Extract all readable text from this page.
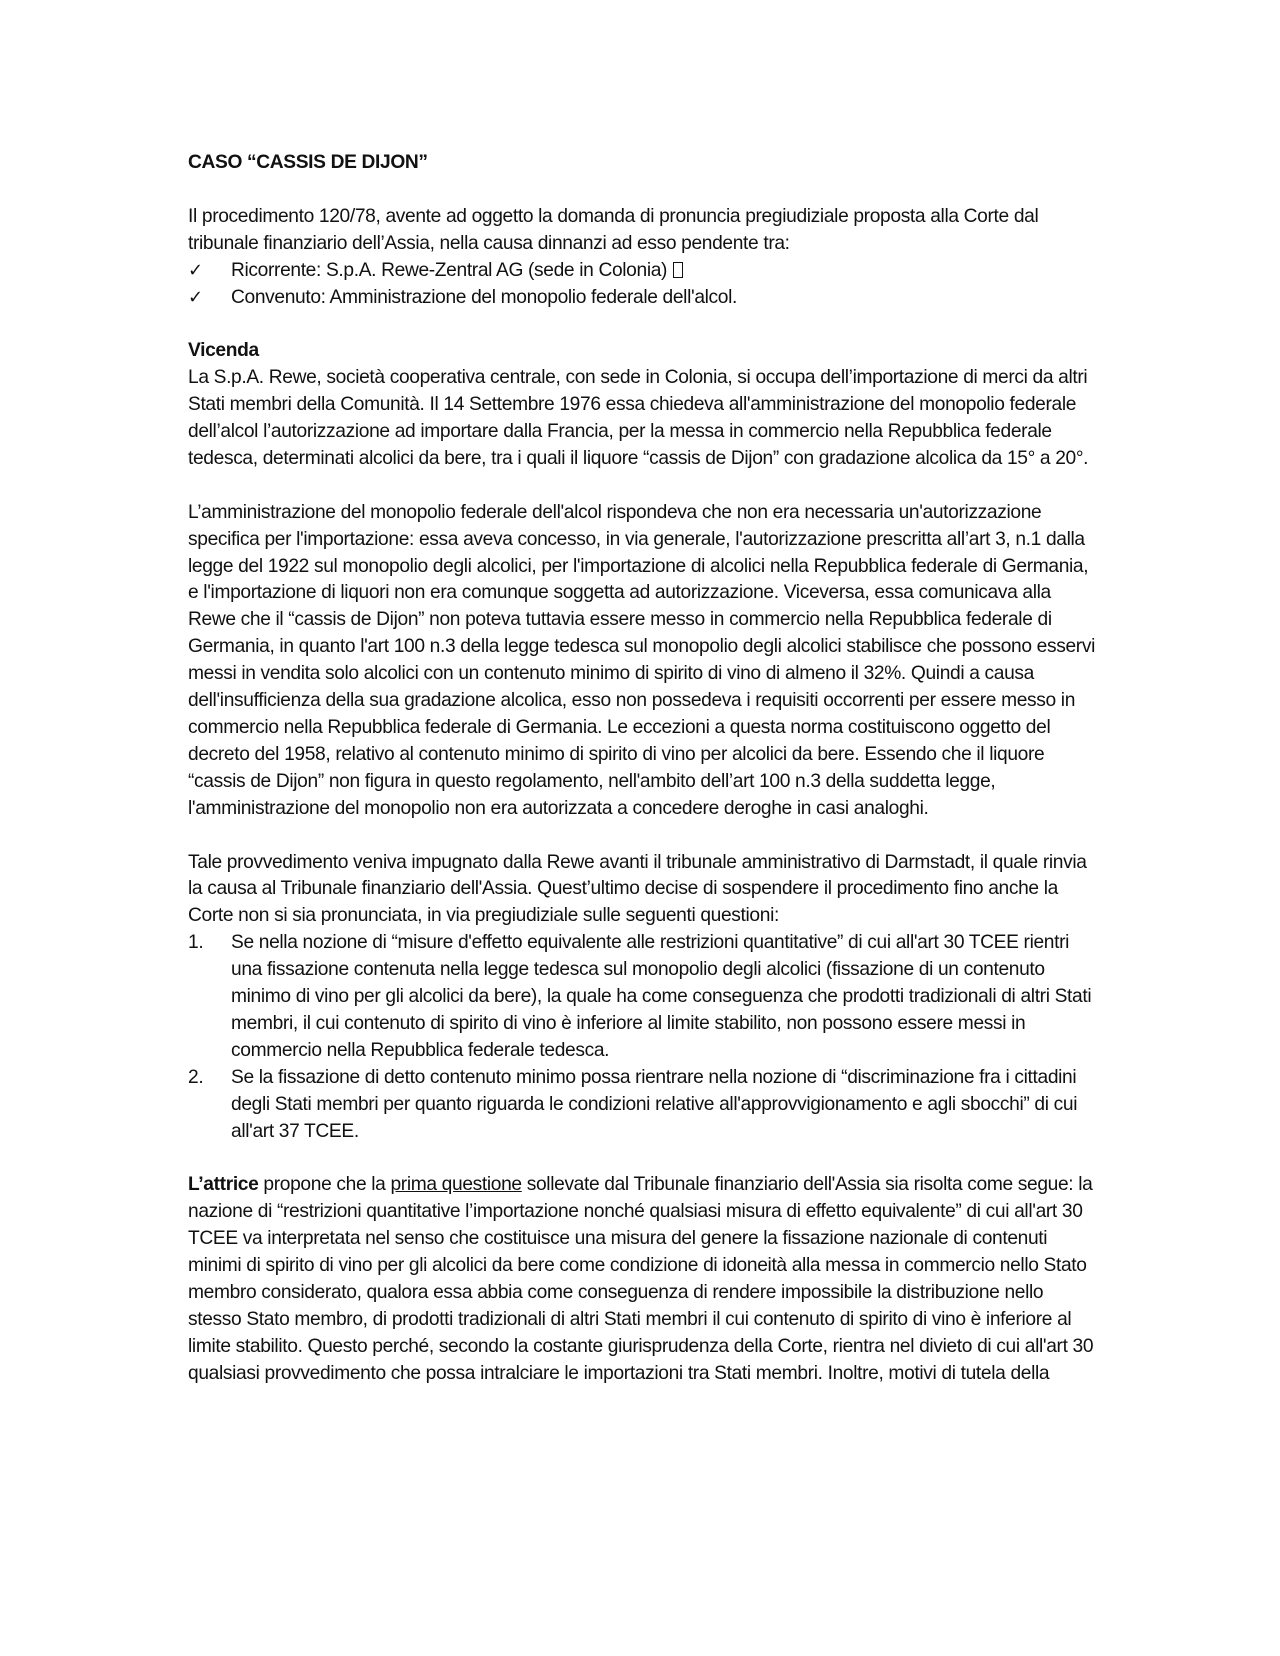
CASO “CASSIS DE DIJON”

Il procedimento 120/78, avente ad oggetto la domanda di pronuncia pregiudiziale proposta alla Corte dal tribunale finanziario dell’Assia, nella causa dinnanzi ad esso pendente tra:

✓	Ricorrente: S.p.A. Rewe-Zentral AG (sede in Colonia)
✓	Convenuto: Amministrazione del monopolio federale dell'alcol.

Vicenda

La S.p.A. Rewe, società cooperativa centrale, con sede in Colonia, si occupa dell’importazione di merci da altri Stati membri della Comunità. Il 14 Settembre 1976 essa chiedeva all'amministrazione del monopolio federale dell’alcol l’autorizzazione ad importare dalla Francia, per la messa in commercio nella Repubblica federale tedesca, determinati alcolici da bere, tra i quali il liquore “cassis de Dijon” con gradazione alcolica da 15° a 20°.

L’amministrazione del monopolio federale dell'alcol rispondeva che non era necessaria un'autorizzazione specifica per l'importazione: essa aveva concesso, in via generale, l'autorizzazione prescritta all’art 3, n.1 dalla legge del 1922 sul monopolio degli alcolici, per l'importazione di alcolici nella Repubblica federale di Germania, e l'importazione di liquori non era comunque soggetta ad autorizzazione. Viceversa, essa comunicava alla Rewe che il “cassis de Dijon” non poteva tuttavia essere messo in commercio nella Repubblica federale di Germania, in quanto l'art 100 n.3 della legge tedesca sul monopolio degli alcolici stabilisce che possono esservi messi in vendita solo alcolici con un contenuto minimo di spirito di vino di almeno il 32%. Quindi a causa dell'insufficienza della sua gradazione alcolica, esso non possedeva i requisiti occorrenti per essere messo in commercio nella Repubblica federale di Germania. Le eccezioni a questa norma costituiscono oggetto del decreto del 1958, relativo al contenuto minimo di spirito di vino per alcolici da bere. Essendo che il liquore “cassis de Dijon” non figura in questo regolamento, nell'ambito dell’art 100 n.3 della suddetta legge, l'amministrazione del monopolio non era autorizzata a concedere deroghe in casi analoghi.

Tale provvedimento veniva impugnato dalla Rewe avanti il tribunale amministrativo di Darmstadt, il quale rinvia la causa al Tribunale finanziario dell'Assia. Quest’ultimo decise di sospendere il procedimento fino anche la Corte non si sia pronunciata, in via pregiudiziale sulle seguenti questioni:

1.	Se nella nozione di “misure d'effetto equivalente alle restrizioni quantitative” di cui all'art 30 TCEE rientri una fissazione contenuta nella legge tedesca sul monopolio degli alcolici (fissazione di un contenuto minimo di vino per gli alcolici da bere), la quale ha come conseguenza che prodotti tradizionali di altri Stati membri, il cui contenuto di spirito di vino è inferiore al limite stabilito, non possono essere messi in commercio nella Repubblica federale tedesca.
2.	Se la fissazione di detto contenuto minimo possa rientrare nella nozione di “discriminazione fra i cittadini degli Stati membri per quanto riguarda le condizioni relative all'approvvigionamento e agli sbocchi” di cui all'art 37 TCEE.

L’attrice propone che la prima questione sollevate dal Tribunale finanziario dell'Assia sia risolta come segue: la nazione di “restrizioni quantitative l’importazione nonché qualsiasi misura di effetto equivalente” di cui all'art 30 TCEE va interpretata nel senso che costituisce una misura del genere la fissazione nazionale di contenuti minimi di spirito di vino per gli alcolici da bere come condizione di idoneità alla messa in commercio nello Stato membro considerato, qualora essa abbia come conseguenza di rendere impossibile la distribuzione nello stesso Stato membro, di prodotti tradizionali di altri Stati membri il cui contenuto di spirito di vino è inferiore al limite stabilito. Questo perché, secondo la costante giurisprudenza della Corte, rientra nel divieto di cui all'art 30 qualsiasi provvedimento che possa intralciare le importazioni tra Stati membri. Inoltre, motivi di tutela della
